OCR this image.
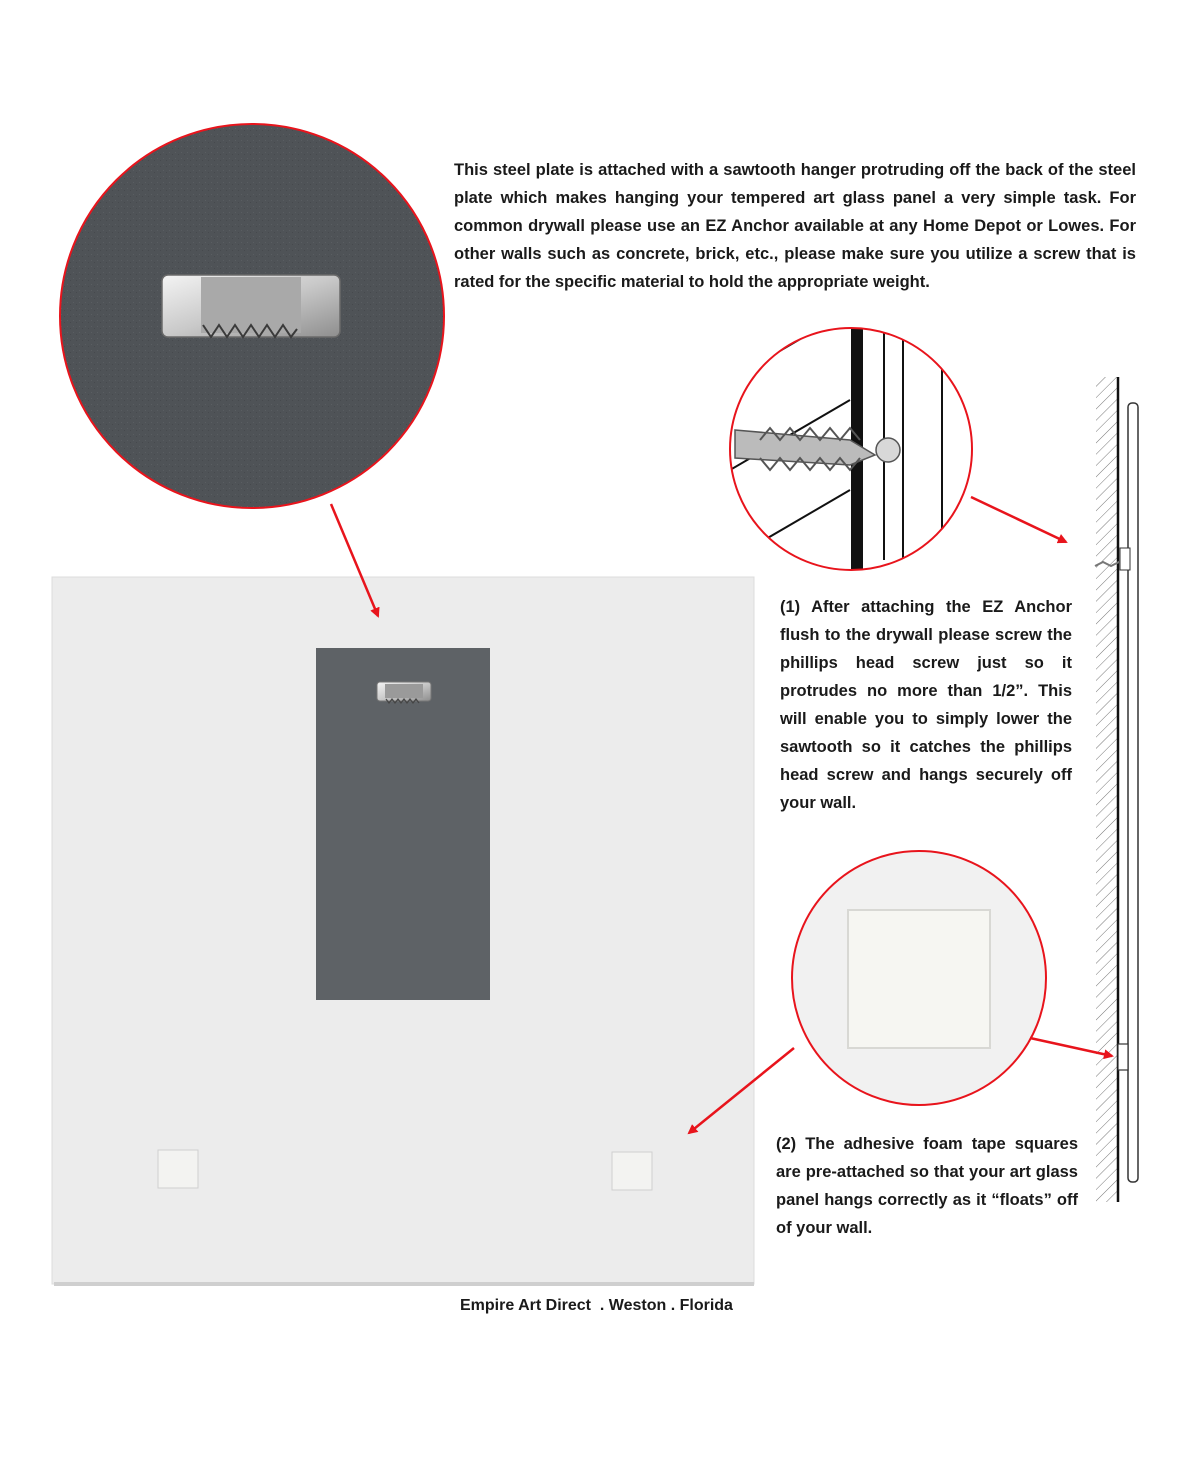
This steel plate is attached with a sawtooth hanger protruding off the back of the steel plate which makes hanging your tempered art glass panel a very simple task. For common drywall please use an EZ Anchor available at any Home Depot or Lowes. For other walls such as concrete, brick, etc., please make sure you utilize a screw that is rated for the specific material to hold the appropriate weight.

(1) After attaching the EZ Anchor flush to the drywall please screw the phillips head screw just so it protrudes no more than 1/2”. This will enable you to simply lower the sawtooth so it catches the phillips head screw and hangs securely off your wall.

(2) The adhesive foam tape squares are pre-attached so that your art glass panel hangs correctly as it “floats” off of your wall.

Empire Art Direct  . Weston . Florida
